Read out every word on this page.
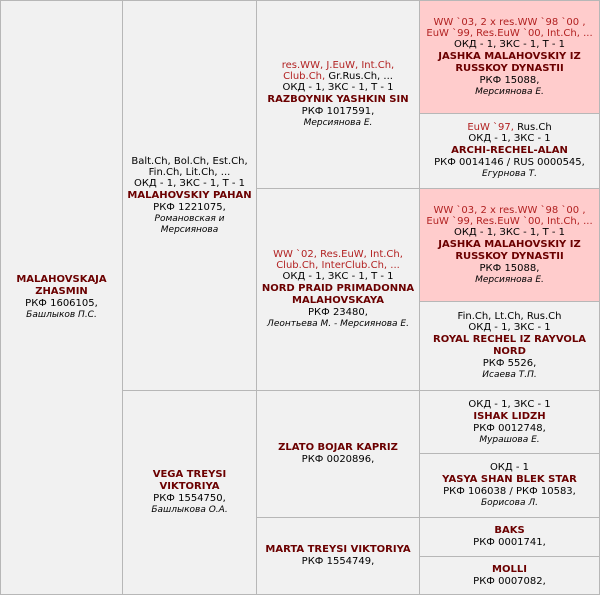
MALAHOVSKAJA ZHASMIN
РКФ 1606105,
Башлыков П.С.
Balt.Ch, Bol.Ch, Est.Ch, Fin.Ch, Lit.Ch, ...
ОКД - 1, ЗКС - 1, Т - 1
MALAHOVSKIY PAHAN
РКФ 1221075,
Романовская и Мерсиянова
VEGA TREYSI VIKTORIYA
РКФ 1554750,
Башлыкова О.А.
res.WW, J.EuW, Int.Ch, Club.Ch, Gr.Rus.Ch, ...
ОКД - 1, ЗКС - 1, Т - 1
RAZBOYNIK YASHKIN SIN
РКФ 1017591,
Мерсиянова Е.
WW `02, Res.EuW, Int.Ch, Club.Ch, InterClub.Ch, ...
ОКД - 1, ЗКС - 1, Т - 1
NORD PRAID PRIMADONNA MALAHOVSKAYA
РКФ 23480,
Леонтьева М. - Мерсиянова Е.
ZLATO BOJAR KAPRIZ
РКФ 0020896,
MARTA TREYSI VIKTORIYA
РКФ 1554749,
WW `03, 2 x res.WW `98 `00 , EuW `99, Res.EuW `00, Int.Ch, ...
ОКД - 1, ЗКС - 1, Т - 1
JASHKA MALAHOVSKIY IZ RUSSKOY DYNASTII
РКФ 15088,
Мерсиянова Е.
EuW `97, Rus.Ch
ОКД - 1, ЗКС - 1
ARCHI-RECHEL-ALAN
РКФ 0014146 / RUS 0000545,
Егурнова Т.
WW `03, 2 x res.WW `98 `00 , EuW `99, Res.EuW `00, Int.Ch, ...
ОКД - 1, ЗКС - 1, Т - 1
JASHKA MALAHOVSKIY IZ RUSSKOY DYNASTII
РКФ 15088,
Мерсиянова Е.
Fin.Ch, Lt.Ch, Rus.Ch
ОКД - 1, ЗКС - 1
ROYAL RECHEL IZ RAYVOLA NORD
РКФ 5526,
Исаева Т.П.
ОКД - 1, ЗКС - 1
ISHAK LIDZH
РКФ 0012748,
Мурашова Е.
ОКД - 1
YASYA SHAN BLEK STAR
РКФ 106038 / РКФ 10583,
Борисова Л.
BAKS
РКФ 0001741,
MOLLI
РКФ 0007082,
